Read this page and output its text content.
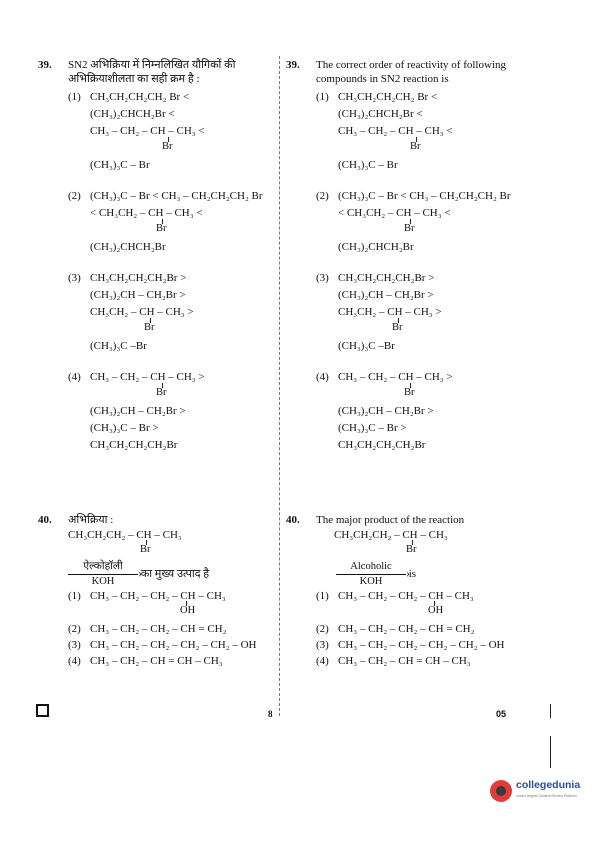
39.	SN2 अभिक्रिया में निम्नलिखित यौगिकों की अभिक्रियाशीलता का सही क्रम है :
(1) CH₃CH₂CH₂CH₂ Br <
(CH₃)₂CHCH₂Br <
CH₃ – CH₂ – CH – CH₃ <
Br
(CH₃)₃C – Br
(2) (CH₃)₃C – Br < CH₃ – CH₂CH₂CH₂ Br
< CH₃CH₂ – CH – CH₃ <
Br
(CH₃)₂CHCH₂Br
(3) CH₃CH₂CH₂CH₂Br >
(CH₃)₂CH – CH₂Br >
CH₃CH₂ – CH – CH₃ >
Br
(CH₃)₃C –Br
(4) CH₃ – CH₂ – CH – CH₃ >
Br
(CH₃)₂CH – CH₂Br >
(CH₃)₃C – Br >
CH₃CH₂CH₂CH₂Br
39.	The correct order of reactivity of following compounds in SN2 reaction is
(1) CH₃CH₂CH₂CH₂ Br <
(CH₃)₂CHCH₂Br <
CH₃ – CH₂ – CH – CH₃ <
Br
(CH₃)₃C – Br
(2) (CH₃)₃C – Br < CH₃ – CH₂CH₂CH₂ Br
< CH₃CH₂ – CH – CH₃ <
Br
(CH₃)₂CHCH₂Br
(3) CH₃CH₂CH₂CH₂Br >
(CH₃)₂CH – CH₂Br >
CH₃CH₂ – CH – CH₃ >
Br
(CH₃)₃C –Br
(4) CH₃ – CH₂ – CH – CH₃ >
Br
(CH₃)₂CH – CH₂Br >
(CH₃)₃C – Br >
CH₃CH₂CH₂CH₂Br
40.	अभिक्रिया :
CH₃CH₂CH₂ – CH – CH₃
Br
ऐल्कोहॉली
›
KOH का मुख्य उत्पाद है
(1) CH₃ – CH₂ – CH₂ – CH – CH₃
OH
(2) CH₃ – CH₂ – CH₂ – CH = CH₂
(3) CH₃ – CH₂ – CH₂ – CH₂ – CH₂ – OH
(4) CH₃ – CH₂ – CH = CH – CH₃
40.	The major product of the reaction
CH₃CH₂CH₂ – CH – CH₃
Br
Alcoholic
›
KOH is
(1) CH₃ – CH₂ – CH₂ – CH – CH₃
OH
(2) CH₃ – CH₂ – CH₂ – CH = CH₂
(3) CH₃ – CH₂ – CH₂ – CH₂ – CH₂ – OH
(4) CH₃ – CH₂ – CH = CH – CH₃
8	05
collegedunia
India's largest Student Review Platform
